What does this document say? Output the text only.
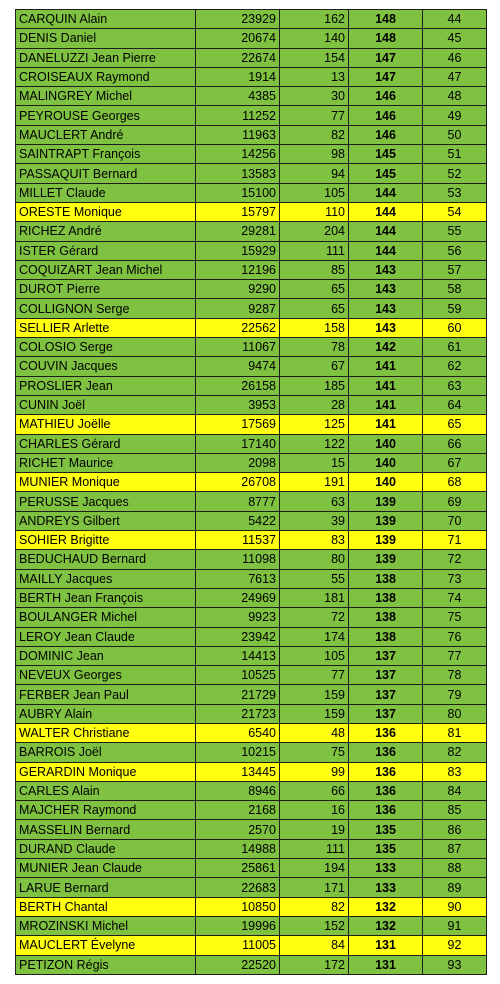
CARQUIN Alain	23929	162	148	44
DENIS Daniel	20674	140	148	45
DANELUZZI Jean Pierre	22674	154	147	46
CROISEAUX Raymond	1914	13	147	47
MALINGREY Michel	4385	30	146	48
PEYROUSE Georges	11252	77	146	49
MAUCLERT André	11963	82	146	50
SAINTRAPT François	14256	98	145	51
PASSAQUIT Bernard	13583	94	145	52
MILLET Claude	15100	105	144	53
ORESTE Monique	15797	110	144	54
RICHEZ André	29281	204	144	55
ISTER Gérard	15929	111	144	56
COQUIZART Jean Michel	12196	85	143	57
DUROT Pierre	9290	65	143	58
COLLIGNON Serge	9287	65	143	59
SELLIER Arlette	22562	158	143	60
COLOSIO Serge	11067	78	142	61
COUVIN Jacques	9474	67	141	62
PROSLIER Jean	26158	185	141	63
CUNIN Joël	3953	28	141	64
MATHIEU Joëlle	17569	125	141	65
CHARLES Gérard	17140	122	140	66
RICHET Maurice	2098	15	140	67
MUNIER Monique	26708	191	140	68
PERUSSE Jacques	8777	63	139	69
ANDREYS Gilbert	5422	39	139	70
SOHIER Brigitte	11537	83	139	71
BEDUCHAUD Bernard	11098	80	139	72
MAILLY Jacques	7613	55	138	73
BERTH Jean François	24969	181	138	74
BOULANGER Michel	9923	72	138	75
LEROY Jean Claude	23942	174	138	76
DOMINIC Jean	14413	105	137	77
NEVEUX Georges	10525	77	137	78
FERBER Jean Paul	21729	159	137	79
AUBRY Alain	21723	159	137	80
WALTER Christiane	6540	48	136	81
BARROIS Joël	10215	75	136	82
GERARDIN Monique	13445	99	136	83
CARLES Alain	8946	66	136	84
MAJCHER Raymond	2168	16	136	85
MASSELIN Bernard	2570	19	135	86
DURAND Claude	14988	111	135	87
MUNIER Jean Claude	25861	194	133	88
LARUE Bernard	22683	171	133	89
BERTH Chantal	10850	82	132	90
MROZINSKI Michel	19996	152	132	91
MAUCLERT Évelyne	11005	84	131	92
PETIZON Régis	22520	172	131	93
